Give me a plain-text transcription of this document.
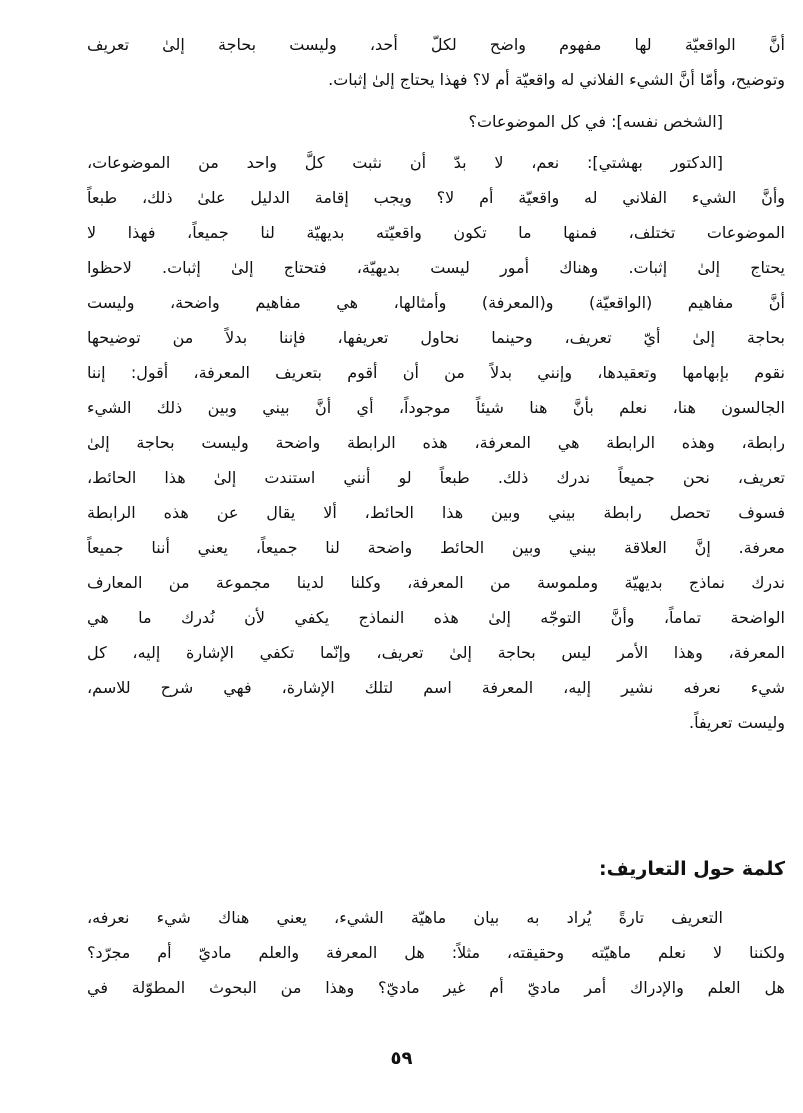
أنَّ الواقعيّة لها مفهوم واضح لكلّ أحد، وليست بحاجة إلىٰ تعريف
وتوضيح، وأمّا أنَّ الشيء الفلاني له واقعيّة أم لا؟ فهذا يحتاج إلىٰ إثبات.
[الشخص نفسه]: في كل الموضوعات؟
[الدكتور بهشتي]: نعم، لا بدّ أن نثبت كلَّ واحد من الموضوعات،
وأنَّ الشيء الفلاني له واقعيّة أم لا؟ ويجب إقامة الدليل علىٰ ذلك، طبعاً
الموضوعات تختلف، فمنها ما تكون واقعيّته بديهيّة لنا جميعاً، فهذا لا
يحتاج إلىٰ إثبات. وهناك أمور ليست بديهيّة، فتحتاج إلىٰ إثبات. لاحظوا
أنَّ مفاهيم (الواقعيّة) و(المعرفة) وأمثالها، هي مفاهيم واضحة، وليست
بحاجة إلىٰ أيّ تعريف، وحينما نحاول تعريفها، فإننا بدلاً من توضيحها
نقوم بإبهامها وتعقيدها، وإنني بدلاً من أن أقوم بتعريف المعرفة، أقول: إننا
الجالسون هنا، نعلم بأنَّ هنا شيئاً موجوداً، أي أنَّ بيني وبين ذلك الشيء
رابطة، وهذه الرابطة هي المعرفة، هذه الرابطة واضحة وليست بحاجة إلىٰ
تعريف، نحن جميعاً ندرك ذلك. طبعاً لو أنني استندت إلىٰ هذا الحائط،
فسوف تحصل رابطة بيني وبين هذا الحائط، ألا يقال عن هذه الرابطة
معرفة. إنَّ العلاقة بيني وبين الحائط واضحة لنا جميعاً، يعني أننا جميعاً
ندرك نماذج بديهيّة وملموسة من المعرفة، وكلنا لدينا مجموعة من المعارف
الواضحة تماماً، وأنَّ التوجّه إلىٰ هذه النماذج يكفي لأن نُدرك ما هي
المعرفة، وهذا الأمر ليس بحاجة إلىٰ تعريف، وإنّما تكفي الإشارة إليه، كل
شيء نعرفه نشير إليه، المعرفة اسم لتلك الإشارة، فهي شرح للاسم،
وليست تعريفاً.
كلمة حول التعاريف:
التعريف تارةً يُراد به بيان ماهيّة الشيء، يعني هناك شيء نعرفه،
ولكننا لا نعلم ماهيّته وحقيقته، مثلاً: هل المعرفة والعلم ماديّ أم مجرّد؟
هل العلم والإدراك أمر ماديّ أم غير ماديّ؟ وهذا من البحوث المطوّلة في
٥٩
